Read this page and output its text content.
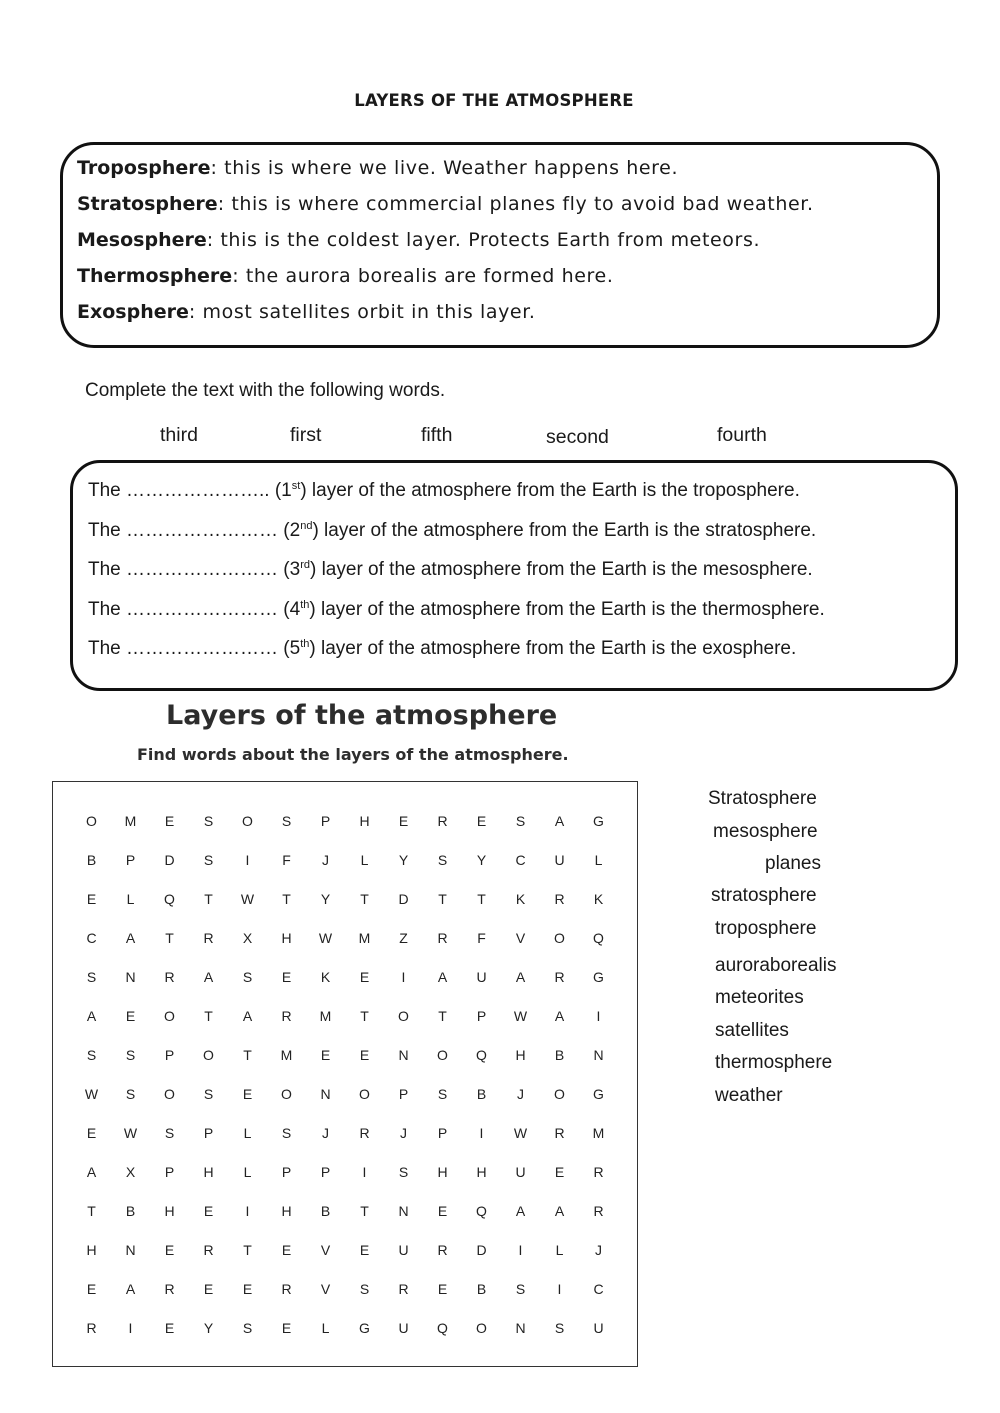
LAYERS OF THE ATMOSPHERE
Troposphere: this is where we live. Weather happens here.
Stratosphere: this is where commercial planes fly to avoid bad weather.
Mesosphere: this is the coldest layer. Protects Earth from meteors.
Thermosphere: the aurora borealis are formed here.
Exosphere: most satellites orbit in this layer.
Complete the text with the following words.
third	first	fifth	second	fourth
The ………………….. (1st) layer of the atmosphere from the Earth is the troposphere.
The …………………… (2nd) layer of the atmosphere from the Earth is the stratosphere.
The …………………… (3rd) layer of the atmosphere from the Earth is the mesosphere.
The …………………… (4th) layer of the atmosphere from the Earth is the thermosphere.
The …………………… (5th) layer of the atmosphere from the Earth is the exosphere.
Layers of the atmosphere
Find words about the layers of the atmosphere.
O	M	E	S	O	S	P	H	E	R	E	S	A	G
B	P	D	S	I	F	J	L	Y	S	Y	C	U	L
E	L	Q	T	W	T	Y	T	D	T	T	K	R	K
C	A	T	R	X	H	W	M	Z	R	F	V	O	Q
S	N	R	A	S	E	K	E	I	A	U	A	R	G
A	E	O	T	A	R	M	T	O	T	P	W	A	I
S	S	P	O	T	M	E	E	N	O	Q	H	B	N
W	S	O	S	E	O	N	O	P	S	B	J	O	G
E	W	S	P	L	S	J	R	J	P	I	W	R	M
A	X	P	H	L	P	P	I	S	H	H	U	E	R
T	B	H	E	I	H	B	T	N	E	Q	A	A	R
H	N	E	R	T	E	V	E	U	R	D	I	L	J
E	A	R	E	E	R	V	S	R	E	B	S	I	C
R	I	E	Y	S	E	L	G	U	Q	O	N	S	U
Stratosphere
mesosphere
planes
stratosphere
troposphere
auroraborealis
meteorites
satellites
thermosphere
weather
